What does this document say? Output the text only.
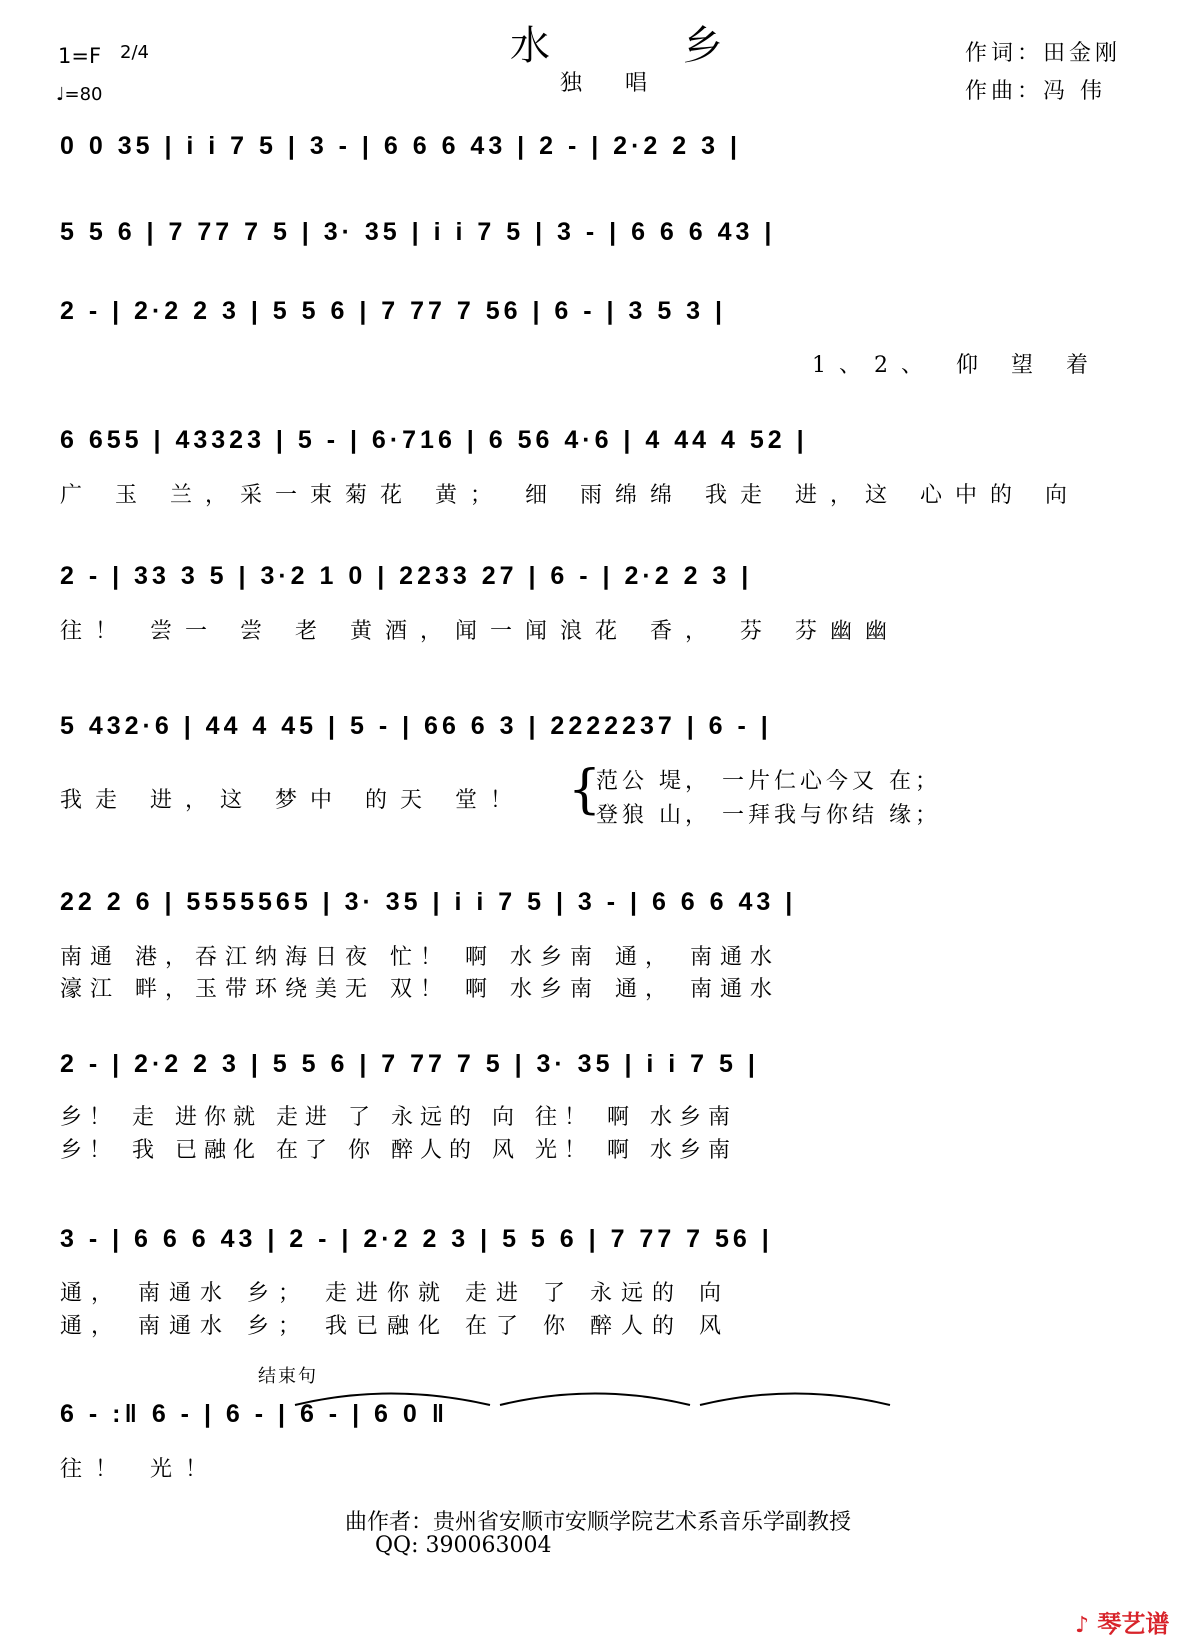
水 乡
独 唱
1=F 2/4
♩=80
作词：田金刚
作曲：冯 伟
0 0 35 | i i 7 5 | 3 - | 6 6 6 43 | 2 - | 2·2 2 3 |
5 5 6 | 7 77 7 5 | 3· 35 | i i 7 5 | 3 - | 6 6 6 43 |
2 - | 2·2 2 3 | 5 5 6 | 7 77 7 56 | 6 - | 3 5 3 |
1、2、 仰 望 着
6 655 | 43323 | 5 - | 6·716 | 6 56 4·6 | 4 44 4 52 |
广 玉 兰，采一束菊花 黄； 细 雨绵绵 我走 进，这 心中的 向
2 - | 33 3 5 | 3·2 1 0 | 2233 27 | 6 - | 2·2 2 3 |
往！ 尝一 尝 老 黄酒，闻一闻浪花 香， 芬 芬幽幽
5 432·6 | 44 4 45 | 5 - | 66 6 3 | 2222237 | 6 - |
我走 进，这 梦中 的天 堂！ {
范公 堤， 一片仁心今又 在；
登狼 山， 一拜我与你结 缘；
22 2 6 | 5555565 | 3· 35 | i i 7 5 | 3 - | 6 6 6 43 |
南通 港，吞江纳海日夜 忙！ 啊 水乡南 通， 南通水
濠江 畔，玉带环绕美无 双！ 啊 水乡南 通， 南通水
2 - | 2·2 2 3 | 5 5 6 | 7 77 7 5 | 3· 35 | i i 7 5 |
乡！ 走 进你就 走进 了 永远的 向 往！ 啊 水乡南
乡！ 我 已融化 在了 你 醉人的 风 光！ 啊 水乡南
3 - | 6 6 6 43 | 2 - | 2·2 2 3 | 5 5 6 | 7 77 7 56 |
通， 南通水 乡； 走进你就 走进 了 永远的 向
通， 南通水 乡； 我已融化 在了 你 醉人的 风
结束句
6 - :‖ 6 - | 6 - | 6 - | 6 0 ‖
往！ 光！
曲作者：贵州省安顺市安顺学院艺术系音乐学副教授
QQ: 390063004
♪ 琴艺谱
